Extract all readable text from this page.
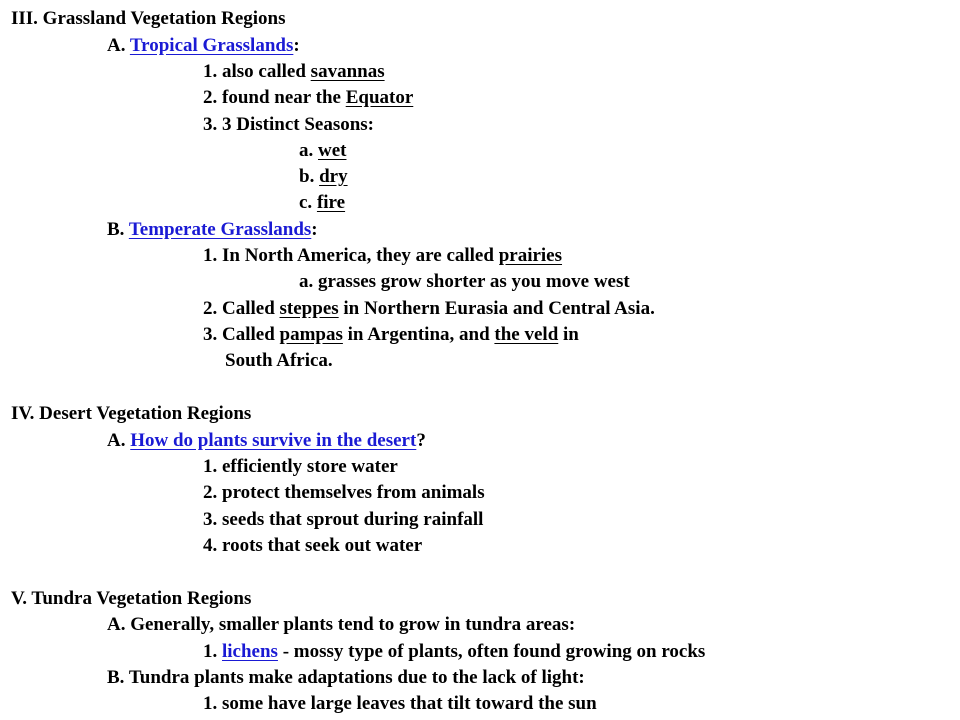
III. Grassland Vegetation Regions
A. Tropical Grasslands:
1. also called savannas
2. found near the Equator
3. 3 Distinct Seasons:
a. wet
b. dry
c. fire
B. Temperate Grasslands:
1. In North America, they are called prairies
a. grasses grow shorter as you move west
2. Called steppes in Northern Eurasia and Central Asia.
3. Called pampas in Argentina, and the veld in
South Africa.
IV. Desert Vegetation Regions
A. How do plants survive in the desert?
1. efficiently store water
2. protect themselves from animals
3. seeds that sprout during rainfall
4. roots that seek out water
V. Tundra Vegetation Regions
A. Generally, smaller plants tend to grow in tundra areas:
1. lichens - mossy type of plants, often found growing on rocks
B. Tundra plants make adaptations due to the lack of light:
1. some have large leaves that tilt toward the sun
